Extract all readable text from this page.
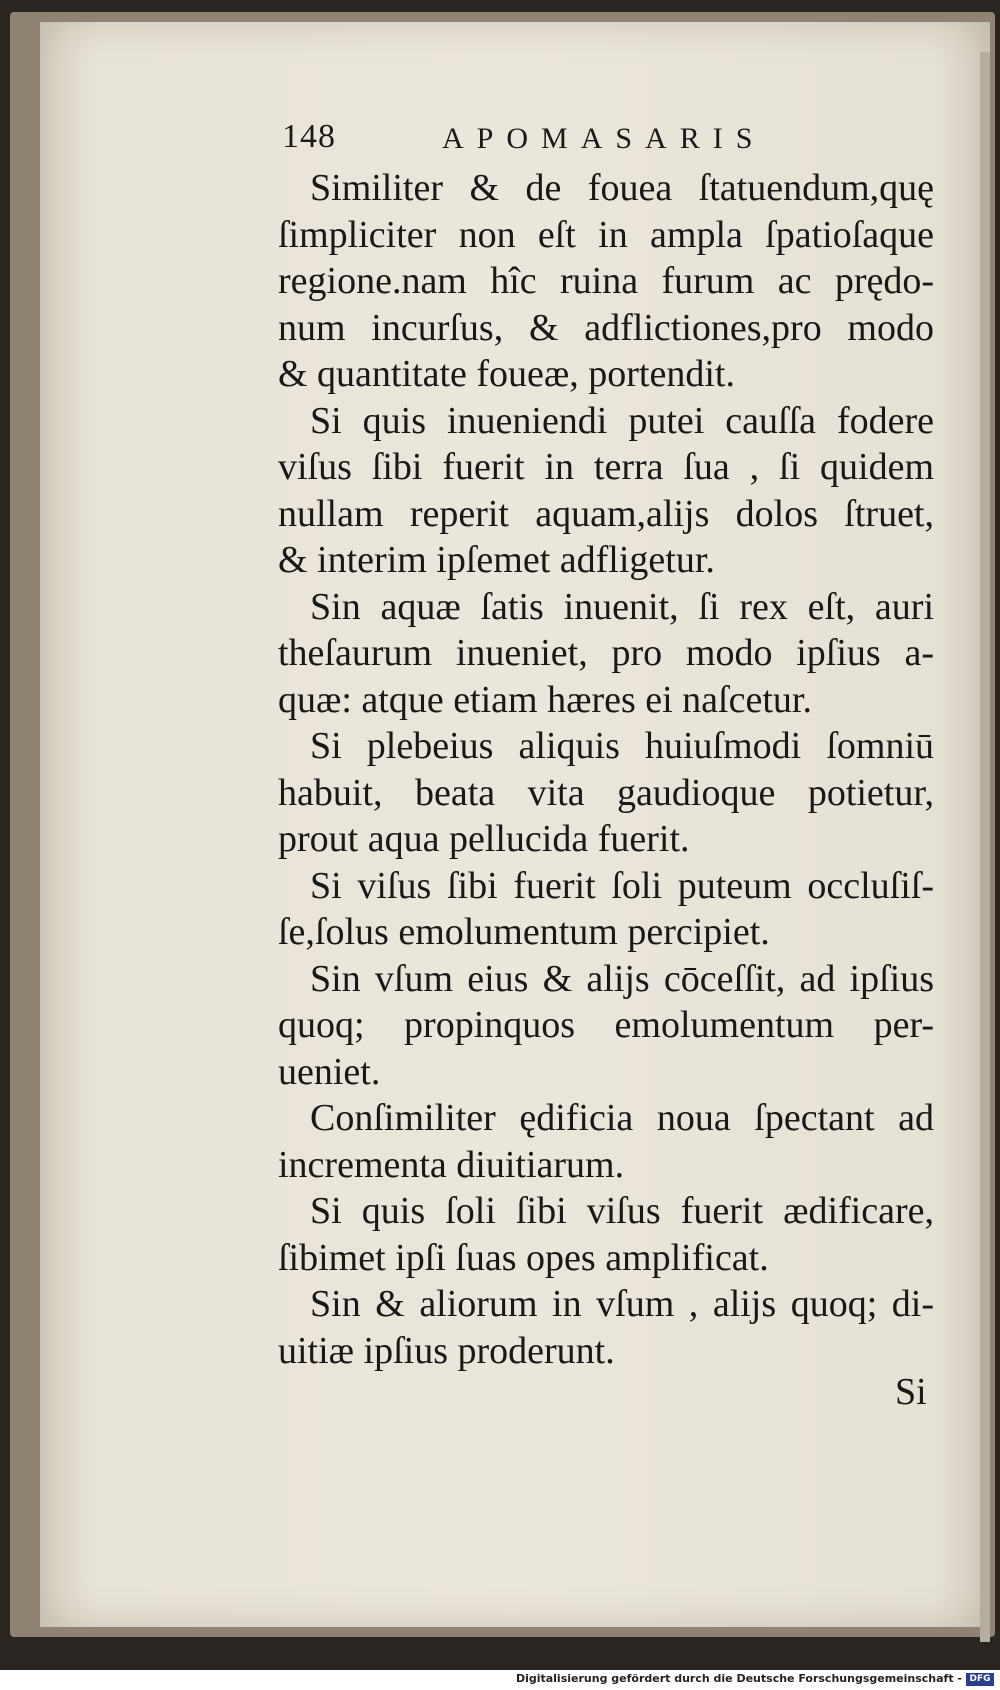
148	APOMASARIS
Similiter & de fouea ſtatuendum,quę
ſimpliciter non eſt in ampla ſpatioſaque
regione.nam hîc ruina furum ac prędo-
num incurſus, & adflictiones,pro modo
& quantitate foueæ, portendit.
Si quis inueniendi putei cauſſa fodere
viſus ſibi fuerit in terra ſua , ſi quidem
nullam reperit aquam,alijs dolos ſtruet,
& interim ipſemet adfligetur.
Sin aquæ ſatis inuenit, ſi rex eſt, auri
theſaurum inueniet, pro modo ipſius a-
quæ: atque etiam hæres ei naſcetur.
Si plebeius aliquis huiuſmodi ſomniū
habuit, beata vita gaudioque potietur,
prout aqua pellucida fuerit.
Si viſus ſibi fuerit ſoli puteum occluſiſ-
ſe,ſolus emolumentum percipiet.
Sin vſum eius & alijs cōceſſit, ad ipſius
quoq; propinquos emolumentum per-
ueniet.
Conſimiliter ędificia noua ſpectant ad
incrementa diuitiarum.
Si quis ſoli ſibi viſus fuerit ædificare,
ſibimet ipſi ſuas opes amplificat.
Sin & aliorum in vſum , alijs quoq; di-
uitiæ ipſius proderunt.
Si
Digitalisierung gefördert durch die Deutsche Forschungsgemeinschaft - DFG
